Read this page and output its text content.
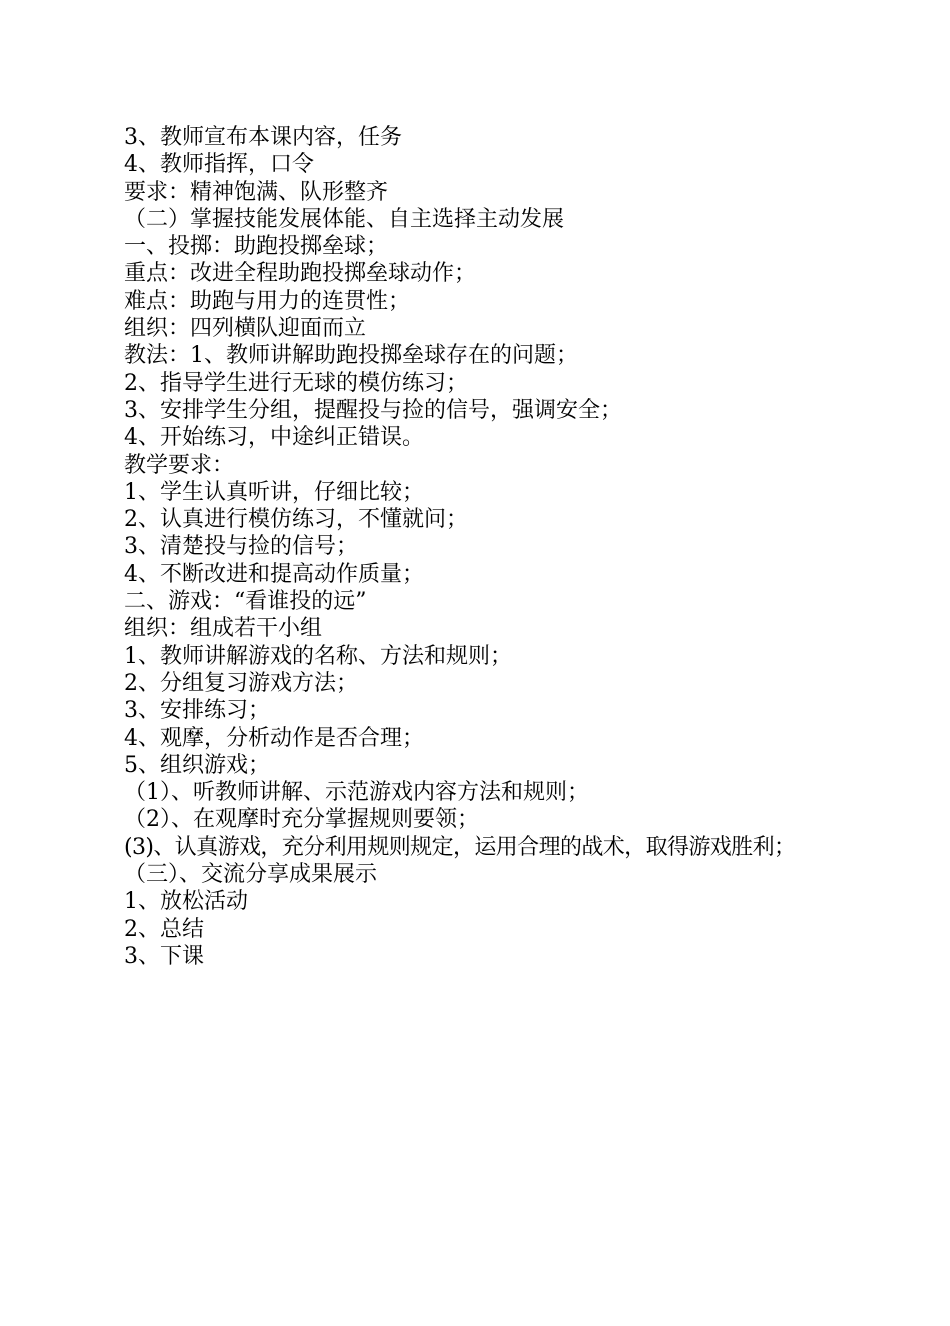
3、教师宣布本课内容，任务

4、教师指挥，口令

要求：精神饱满、队形整齐

（二）掌握技能发展体能、自主选择主动发展

一、投掷：助跑投掷垒球；

重点：改进全程助跑投掷垒球动作；

难点：助跑与用力的连贯性；

组织：四列横队迎面而立

教法：1、教师讲解助跑投掷垒球存在的问题；

2、指导学生进行无球的模仿练习；

3、安排学生分组，提醒投与捡的信号，强调安全；

4、开始练习，中途纠正错误。

教学要求：

1、学生认真听讲，仔细比较；

2、认真进行模仿练习，不懂就问；

3、清楚投与捡的信号；

4、不断改进和提高动作质量；

二、游戏：“看谁投的远”

组织：组成若干小组

1、教师讲解游戏的名称、方法和规则；

2、分组复习游戏方法；

3、安排练习；

4、观摩，分析动作是否合理；

5、组织游戏；

（1）、听教师讲解、示范游戏内容方法和规则；

（2）、在观摩时充分掌握规则要领；

(3)、认真游戏，充分利用规则规定，运用合理的战术，取得游戏胜利；

（三）、交流分享成果展示

1、放松活动

2、总结

3、下课
